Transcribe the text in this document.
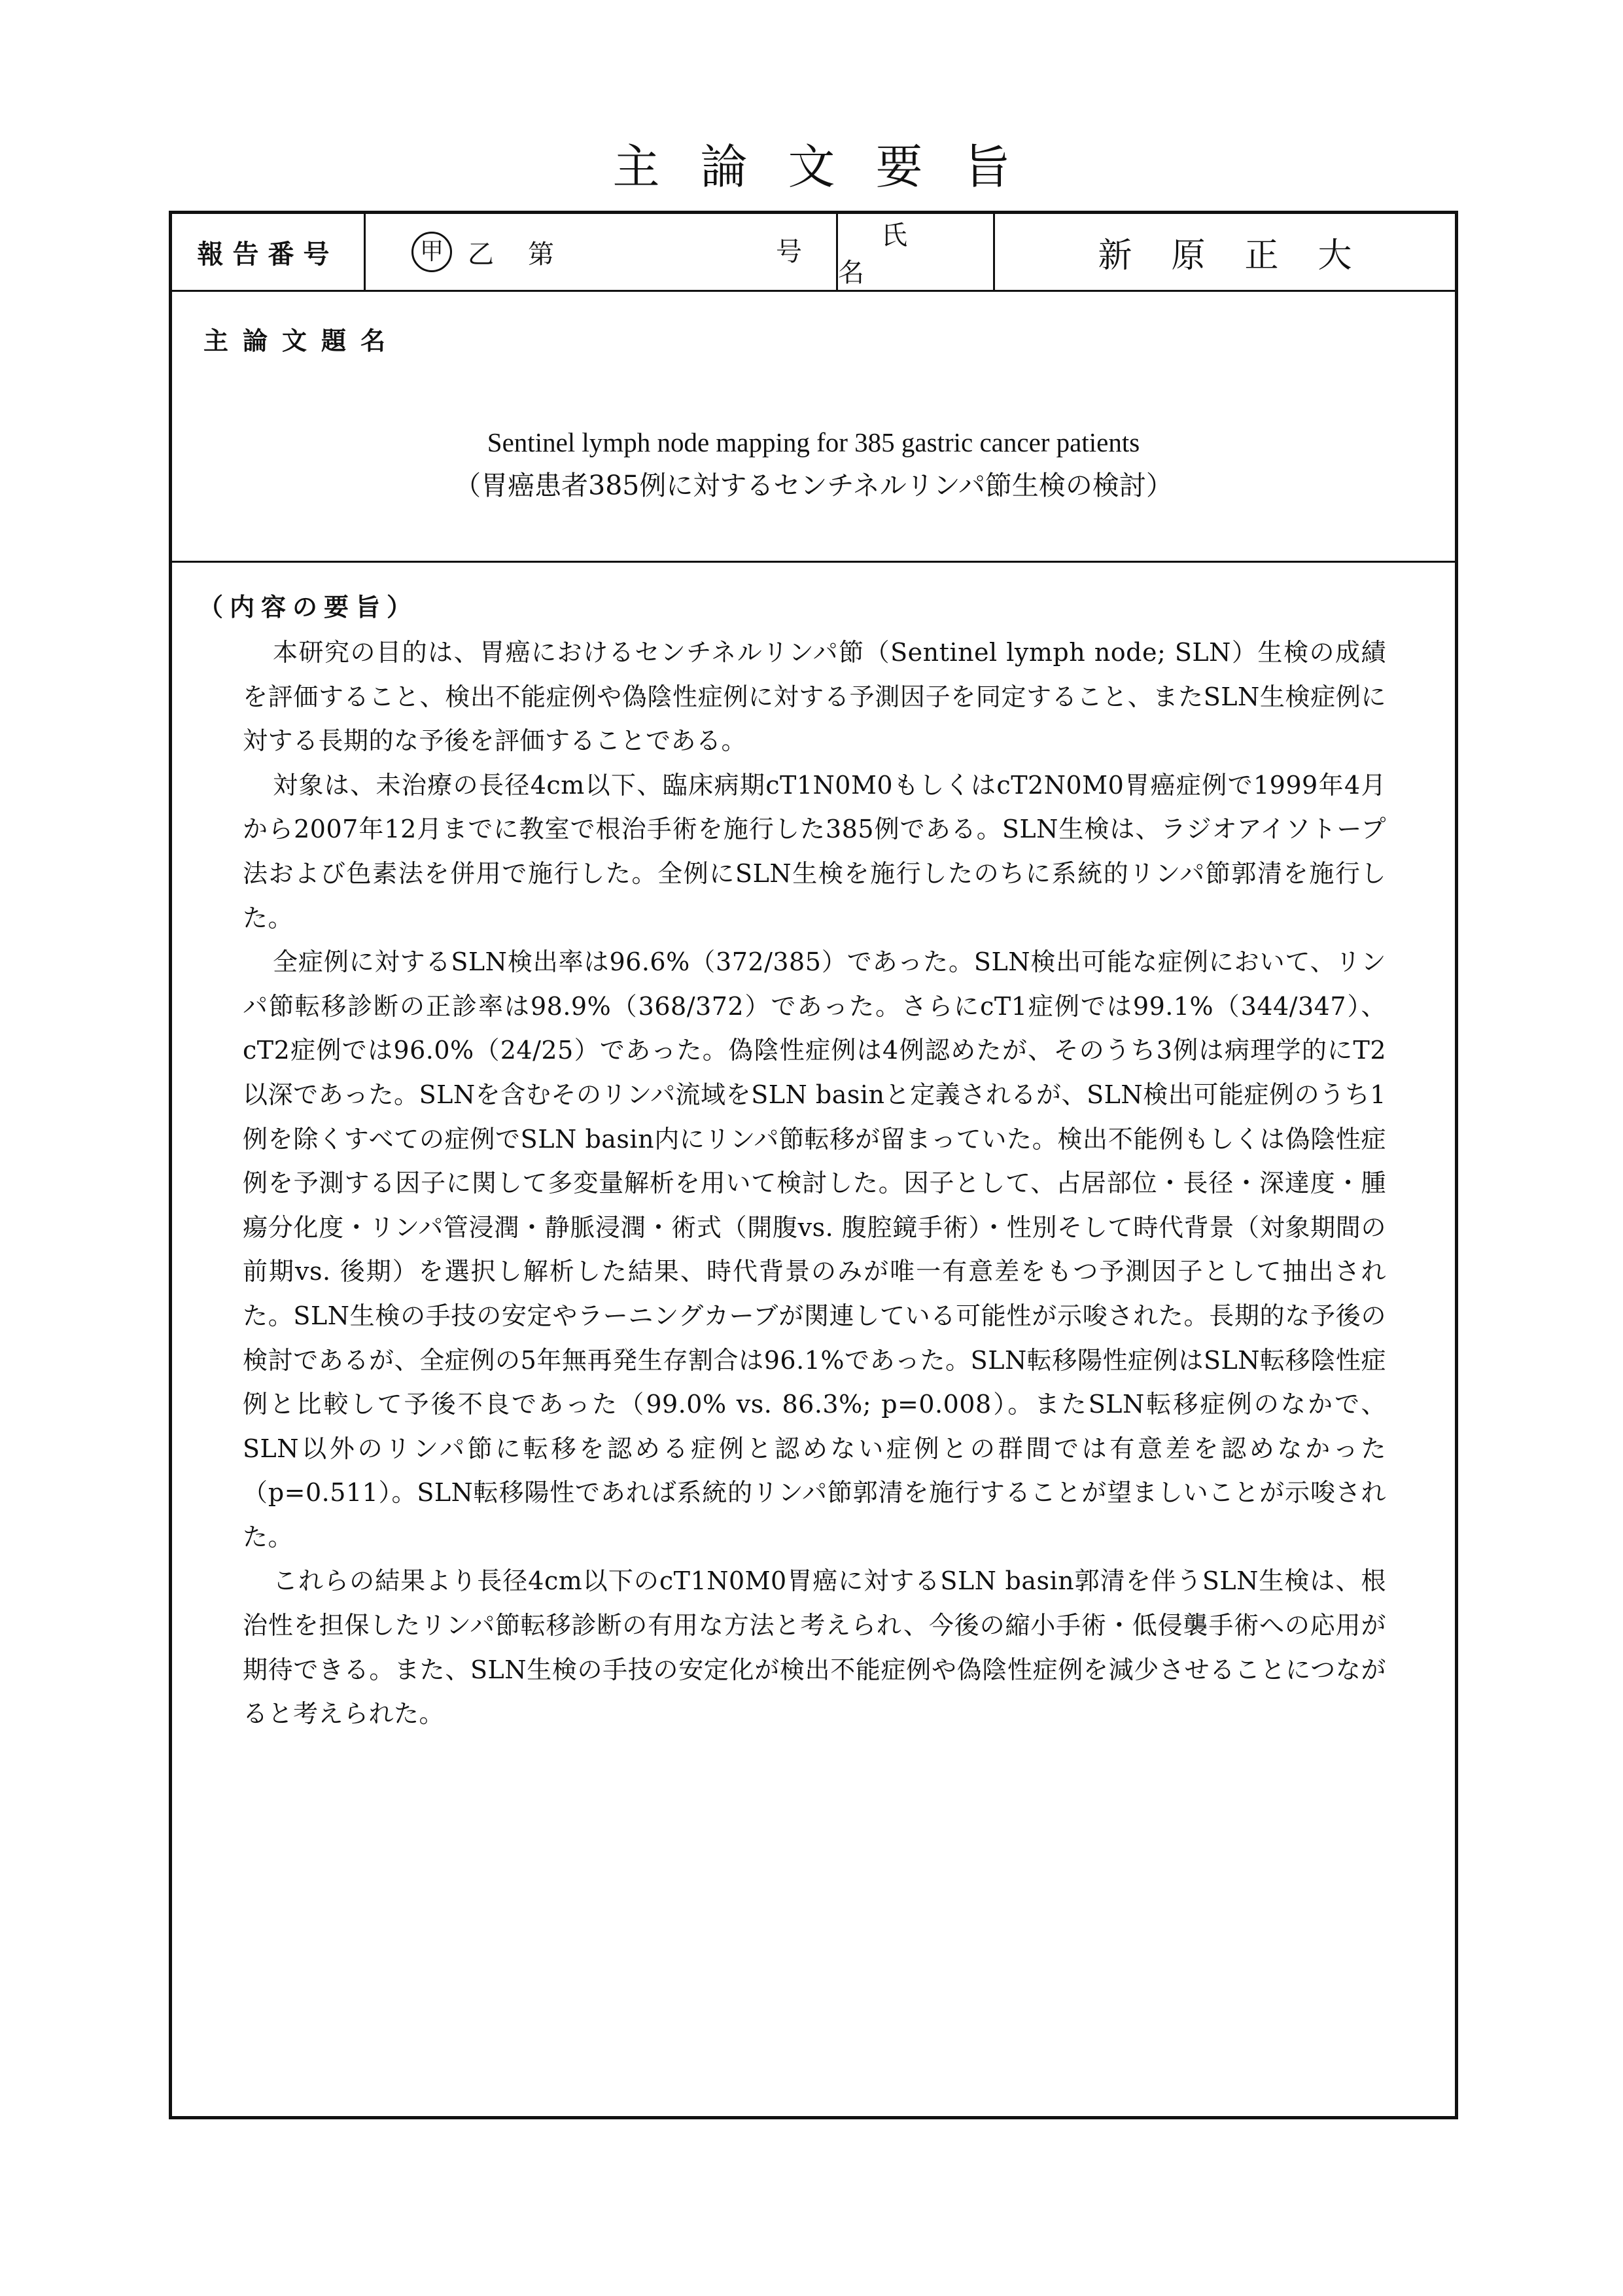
主論文要旨
報告番号	甲 乙 第	号
氏名	新原正大
主論文題名
Sentinel lymph node mapping for 385 gastric cancer patients
（胃癌患者385例に対するセンチネルリンパ節生検の検討）
（内容の要旨）

本研究の目的は、胃癌におけるセンチネルリンパ節（Sentinel lymph node; SLN）生検の成績を評価すること、検出不能症例や偽陰性症例に対する予測因子を同定すること、またSLN生検症例に対する長期的な予後を評価することである。

対象は、未治療の長径4cm以下、臨床病期cT1N0M0もしくはcT2N0M0胃癌症例で1999年4月から2007年12月までに教室で根治手術を施行した385例である。SLN生検は、ラジオアイソトープ法および色素法を併用で施行した。全例にSLN生検を施行したのちに系統的リンパ節郭清を施行した。

全症例に対するSLN検出率は96.6%（372/385）であった。SLN検出可能な症例において、リンパ節転移診断の正診率は98.9%（368/372）であった。さらにcT1症例では99.1%（344/347）、cT2症例では96.0%（24/25）であった。偽陰性症例は4例認めたが、そのうち3例は病理学的にT2以深であった。SLNを含むそのリンパ流域をSLN basinと定義されるが、SLN検出可能症例のうち1例を除くすべての症例でSLN basin内にリンパ節転移が留まっていた。検出不能例もしくは偽陰性症例を予測する因子に関して多変量解析を用いて検討した。因子として、占居部位・長径・深達度・腫瘍分化度・リンパ管浸潤・静脈浸潤・術式（開腹vs. 腹腔鏡手術）・性別そして時代背景（対象期間の前期vs. 後期）を選択し解析した結果、時代背景のみが唯一有意差をもつ予測因子として抽出された。SLN生検の手技の安定やラーニングカーブが関連している可能性が示唆された。長期的な予後の検討であるが、全症例の5年無再発生存割合は96.1%であった。SLN転移陽性症例はSLN転移陰性症例と比較して予後不良であった（99.0% vs. 86.3%; p=0.008）。またSLN転移症例のなかで、SLN以外のリンパ節に転移を認める症例と認めない症例との群間では有意差を認めなかった（p=0.511）。SLN転移陽性であれば系統的リンパ節郭清を施行することが望ましいことが示唆された。

これらの結果より長径4cm以下のcT1N0M0胃癌に対するSLN basin郭清を伴うSLN生検は、根治性を担保したリンパ節転移診断の有用な方法と考えられ、今後の縮小手術・低侵襲手術への応用が期待できる。また、SLN生検の手技の安定化が検出不能症例や偽陰性症例を減少させることにつながると考えられた。
